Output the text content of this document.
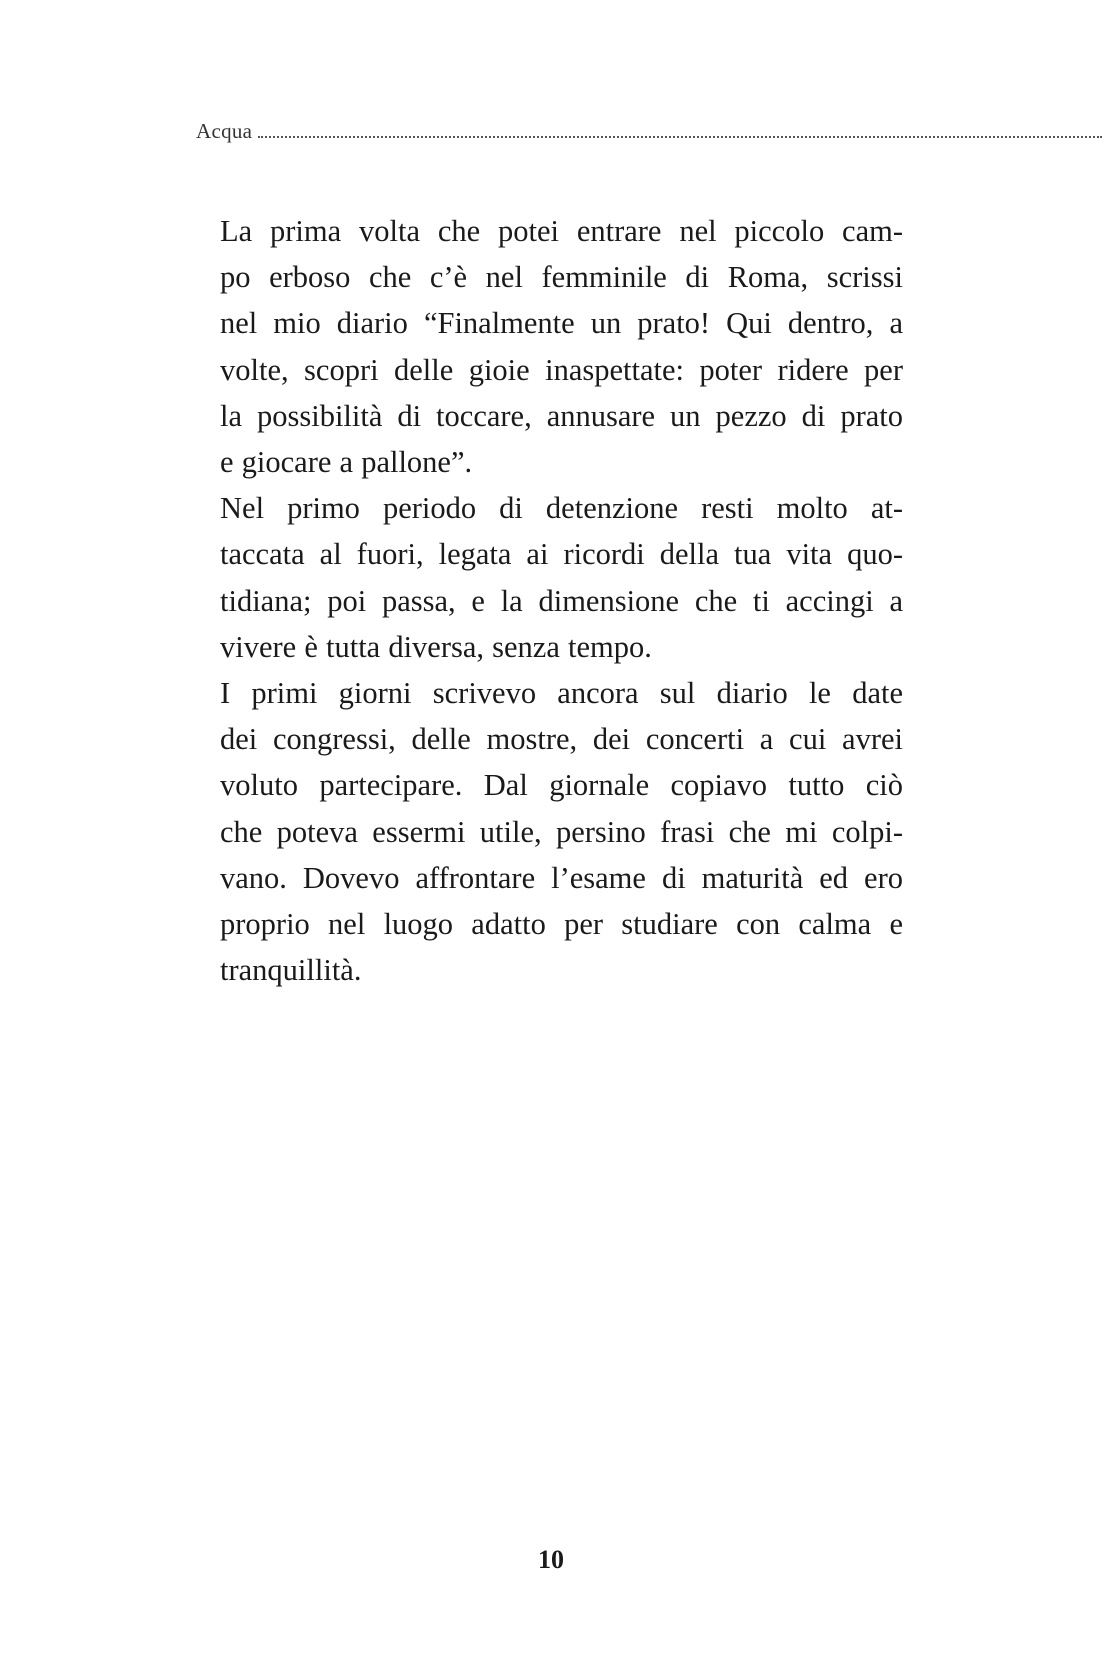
Acqua

La prima volta che potei entrare nel piccolo cam-
po erboso che c’è nel femminile di Roma, scrissi
nel mio diario “Finalmente un prato! Qui dentro, a
volte, scopri delle gioie inaspettate: poter ridere per
la possibilità di toccare, annusare un pezzo di prato
e giocare a pallone”.

Nel primo periodo di detenzione resti molto at-
taccata al fuori, legata ai ricordi della tua vita quo-
tidiana; poi passa, e la dimensione che ti accingi a
vivere è tutta diversa, senza tempo.

I primi giorni scrivevo ancora sul diario le date
dei congressi, delle mostre, dei concerti a cui avrei
voluto partecipare. Dal giornale copiavo tutto ciò
che poteva essermi utile, persino frasi che mi colpi-
vano. Dovevo affrontare l’esame di maturità ed ero
proprio nel luogo adatto per studiare con calma e
tranquillità.

10
